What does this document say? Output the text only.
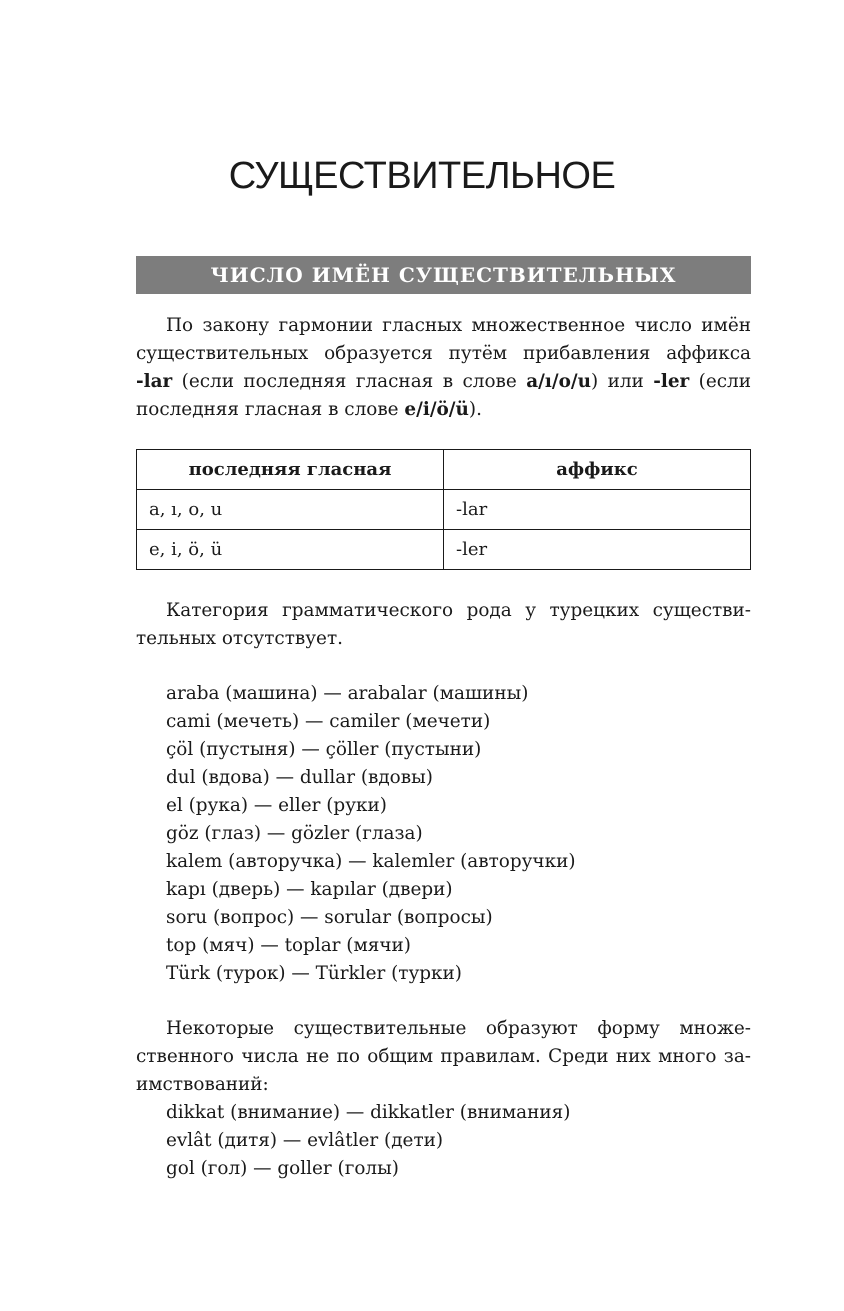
СУЩЕСТВИТЕЛЬНОЕ
ЧИСЛО ИМЁН СУЩЕСТВИТЕЛЬНЫХ
По закону гармонии гласных множественное число имён
существительных образуется путём прибавления аффикса
-lar (если последняя гласная в слове a/ı/o/u) или -ler (если
последняя гласная в слове e/i/ö/ü).
последняя гласная	аффикс
a, ı, o, u	-lar
e, i, ö, ü	-ler
Категория грамматического рода у турецких существи-
тельных отсутствует.
araba (машина) — arabalar (машины)
cami (мечеть) — camiler (мечети)
çöl (пустыня) — çöller (пустыни)
dul (вдова) — dullar (вдовы)
el (рука) — eller (руки)
göz (глаз) — gözler (глаза)
kalem (авторучка) — kalemler (авторучки)
kapı (дверь) — kapılar (двери)
soru (вопрос) — sorular (вопросы)
top (мяч) — toplar (мячи)
Türk (турок) — Türkler (турки)
Некоторые существительные образуют форму множе-
ственного числа не по общим правилам. Среди них много за-
имствований:
dikkat (внимание) — dikkatler (внимания)
evlât (дитя) — evlâtler (дети)
gol (гол) — goller (голы)
